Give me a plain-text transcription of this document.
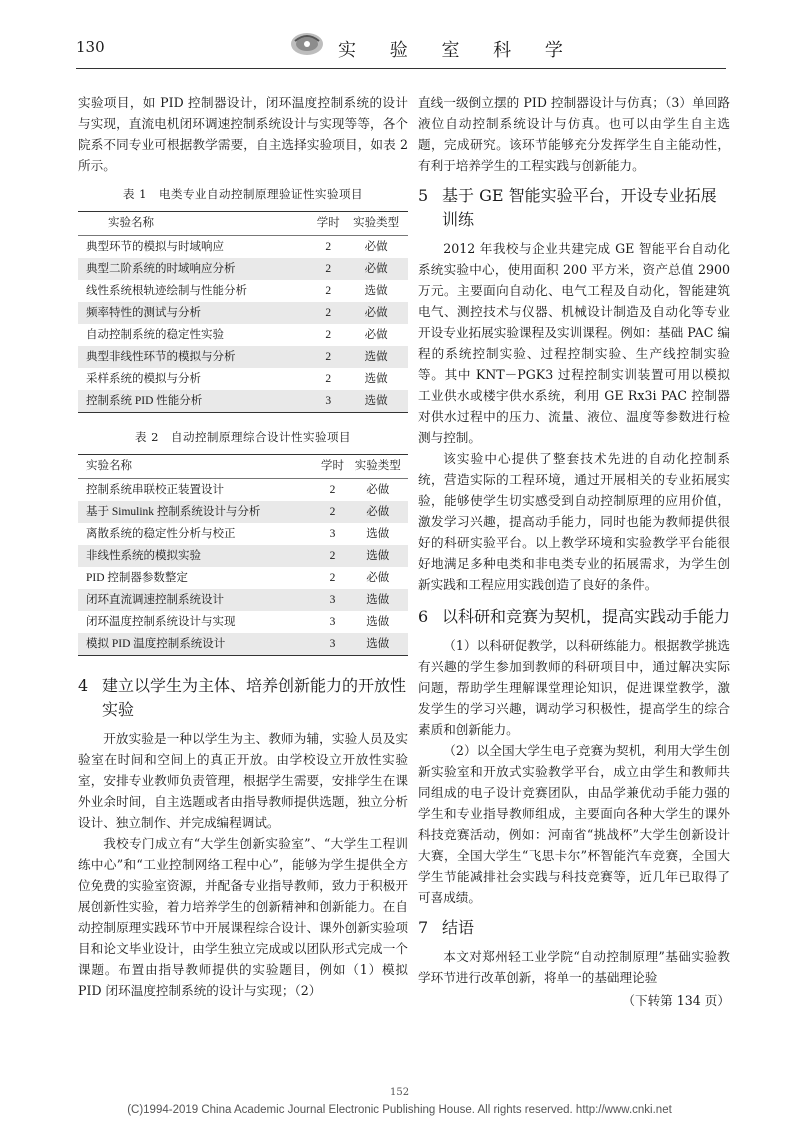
130	实 验 室 科 学

实验项目，如 PID 控制器设计，闭环温度控制系统的设计与实现，直流电机闭环调速控制系统设计与实现等等，各个院系不同专业可根据教学需要，自主选择实验项目，如表 2 所示。

表 1　电类专业自动控制原理验证性实验项目
实验名称	学时	实验类型
典型环节的模拟与时域响应	2	必做
典型二阶系统的时域响应分析	2	必做
线性系统根轨迹绘制与性能分析	2	选做
频率特性的测试与分析	2	必做
自动控制系统的稳定性实验	2	必做
典型非线性环节的模拟与分析	2	选做
采样系统的模拟与分析	2	选做
控制系统 PID 性能分析	3	选做
表 2　自动控制原理综合设计性实验项目
实验名称	学时	实验类型
控制系统串联校正装置设计	2	必做
基于 Simulink 控制系统设计与分析	2	必做
离散系统的稳定性分析与校正	3	选做
非线性系统的模拟实验	2	选做
PID 控制器参数整定	2	必做
闭环直流调速控制系统设计	3	选做
闭环温度控制系统设计与实现	3	选做
模拟 PID 温度控制系统设计	3	选做
4 建立以学生为主体、培养创新能力的开放性实验

开放实验是一种以学生为主、教师为辅，实验人员及实验室在时间和空间上的真正开放。由学校设立开放性实验室，安排专业教师负责管理，根据学生需要，安排学生在课外业余时间，自主选题或者由指导教师提供选题，独立分析设计、独立制作、并完成编程调试。

我校专门成立有“大学生创新实验室”、“大学生工程训练中心”和“工业控制网络工程中心”，能够为学生提供全方位免费的实验室资源，并配备专业指导教师，致力于积极开展创新性实验，着力培养学生的创新精神和创新能力。在自动控制原理实践环节中开展课程综合设计、课外创新实验项目和论文毕业设计，由学生独立完成或以团队形式完成一个课题。布置由指导教师提供的实验题目，例如（1）模拟 PID 闭环温度控制系统的设计与实现；（2）

直线一级倒立摆的 PID 控制器设计与仿真；（3）单回路液位自动控制系统设计与仿真。也可以由学生自主选题，完成研究。该环节能够充分发挥学生自主能动性，有利于培养学生的工程实践与创新能力。

5 基于 GE 智能实验平台，开设专业拓展训练

2012 年我校与企业共建完成 GE 智能平台自动化系统实验中心，使用面积 200 平方米，资产总值 2900 万元。主要面向自动化、电气工程及自动化，智能建筑电气、测控技术与仪器、机械设计制造及自动化等专业开设专业拓展实验课程及实训课程。例如：基础 PAC 编程的系统控制实验、过程控制实验、生产线控制实验等。其中 KNT－PGK3 过程控制实训装置可用以模拟工业供水或楼宇供水系统，利用 GE Rx3i PAC 控制器对供水过程中的压力、流量、液位、温度等参数进行检测与控制。

该实验中心提供了整套技术先进的自动化控制系统，营造实际的工程环境，通过开展相关的专业拓展实验，能够使学生切实感受到自动控制原理的应用价值，激发学习兴趣，提高动手能力，同时也能为教师提供很好的科研实验平台。以上教学环境和实验教学平台能很好地满足多种电类和非电类专业的拓展需求，为学生创新实践和工程应用实践创造了良好的条件。

6 以科研和竞赛为契机，提高实践动手能力

（1）以科研促教学，以科研练能力。根据教学挑选有兴趣的学生参加到教师的科研项目中，通过解决实际问题，帮助学生理解课堂理论知识，促进课堂教学，激发学生的学习兴趣，调动学习积极性，提高学生的综合素质和创新能力。

（2）以全国大学生电子竞赛为契机，利用大学生创新实验室和开放式实验教学平台，成立由学生和教师共同组成的电子设计竞赛团队，由品学兼优动手能力强的学生和专业指导教师组成，主要面向各种大学生的课外科技竞赛活动，例如：河南省“挑战杯”大学生创新设计大赛，全国大学生“飞思卡尔”杯智能汽车竞赛，全国大学生节能减排社会实践与科技竞赛等，近几年已取得了可喜成绩。

7 结语

本文对郑州轻工业学院“自动控制原理”基础实验教学环节进行改革创新，将单一的基础理论验

（下转第 134 页）
152
(C)1994-2019 China Academic Journal Electronic Publishing House. All rights reserved. http://www.cnki.net
